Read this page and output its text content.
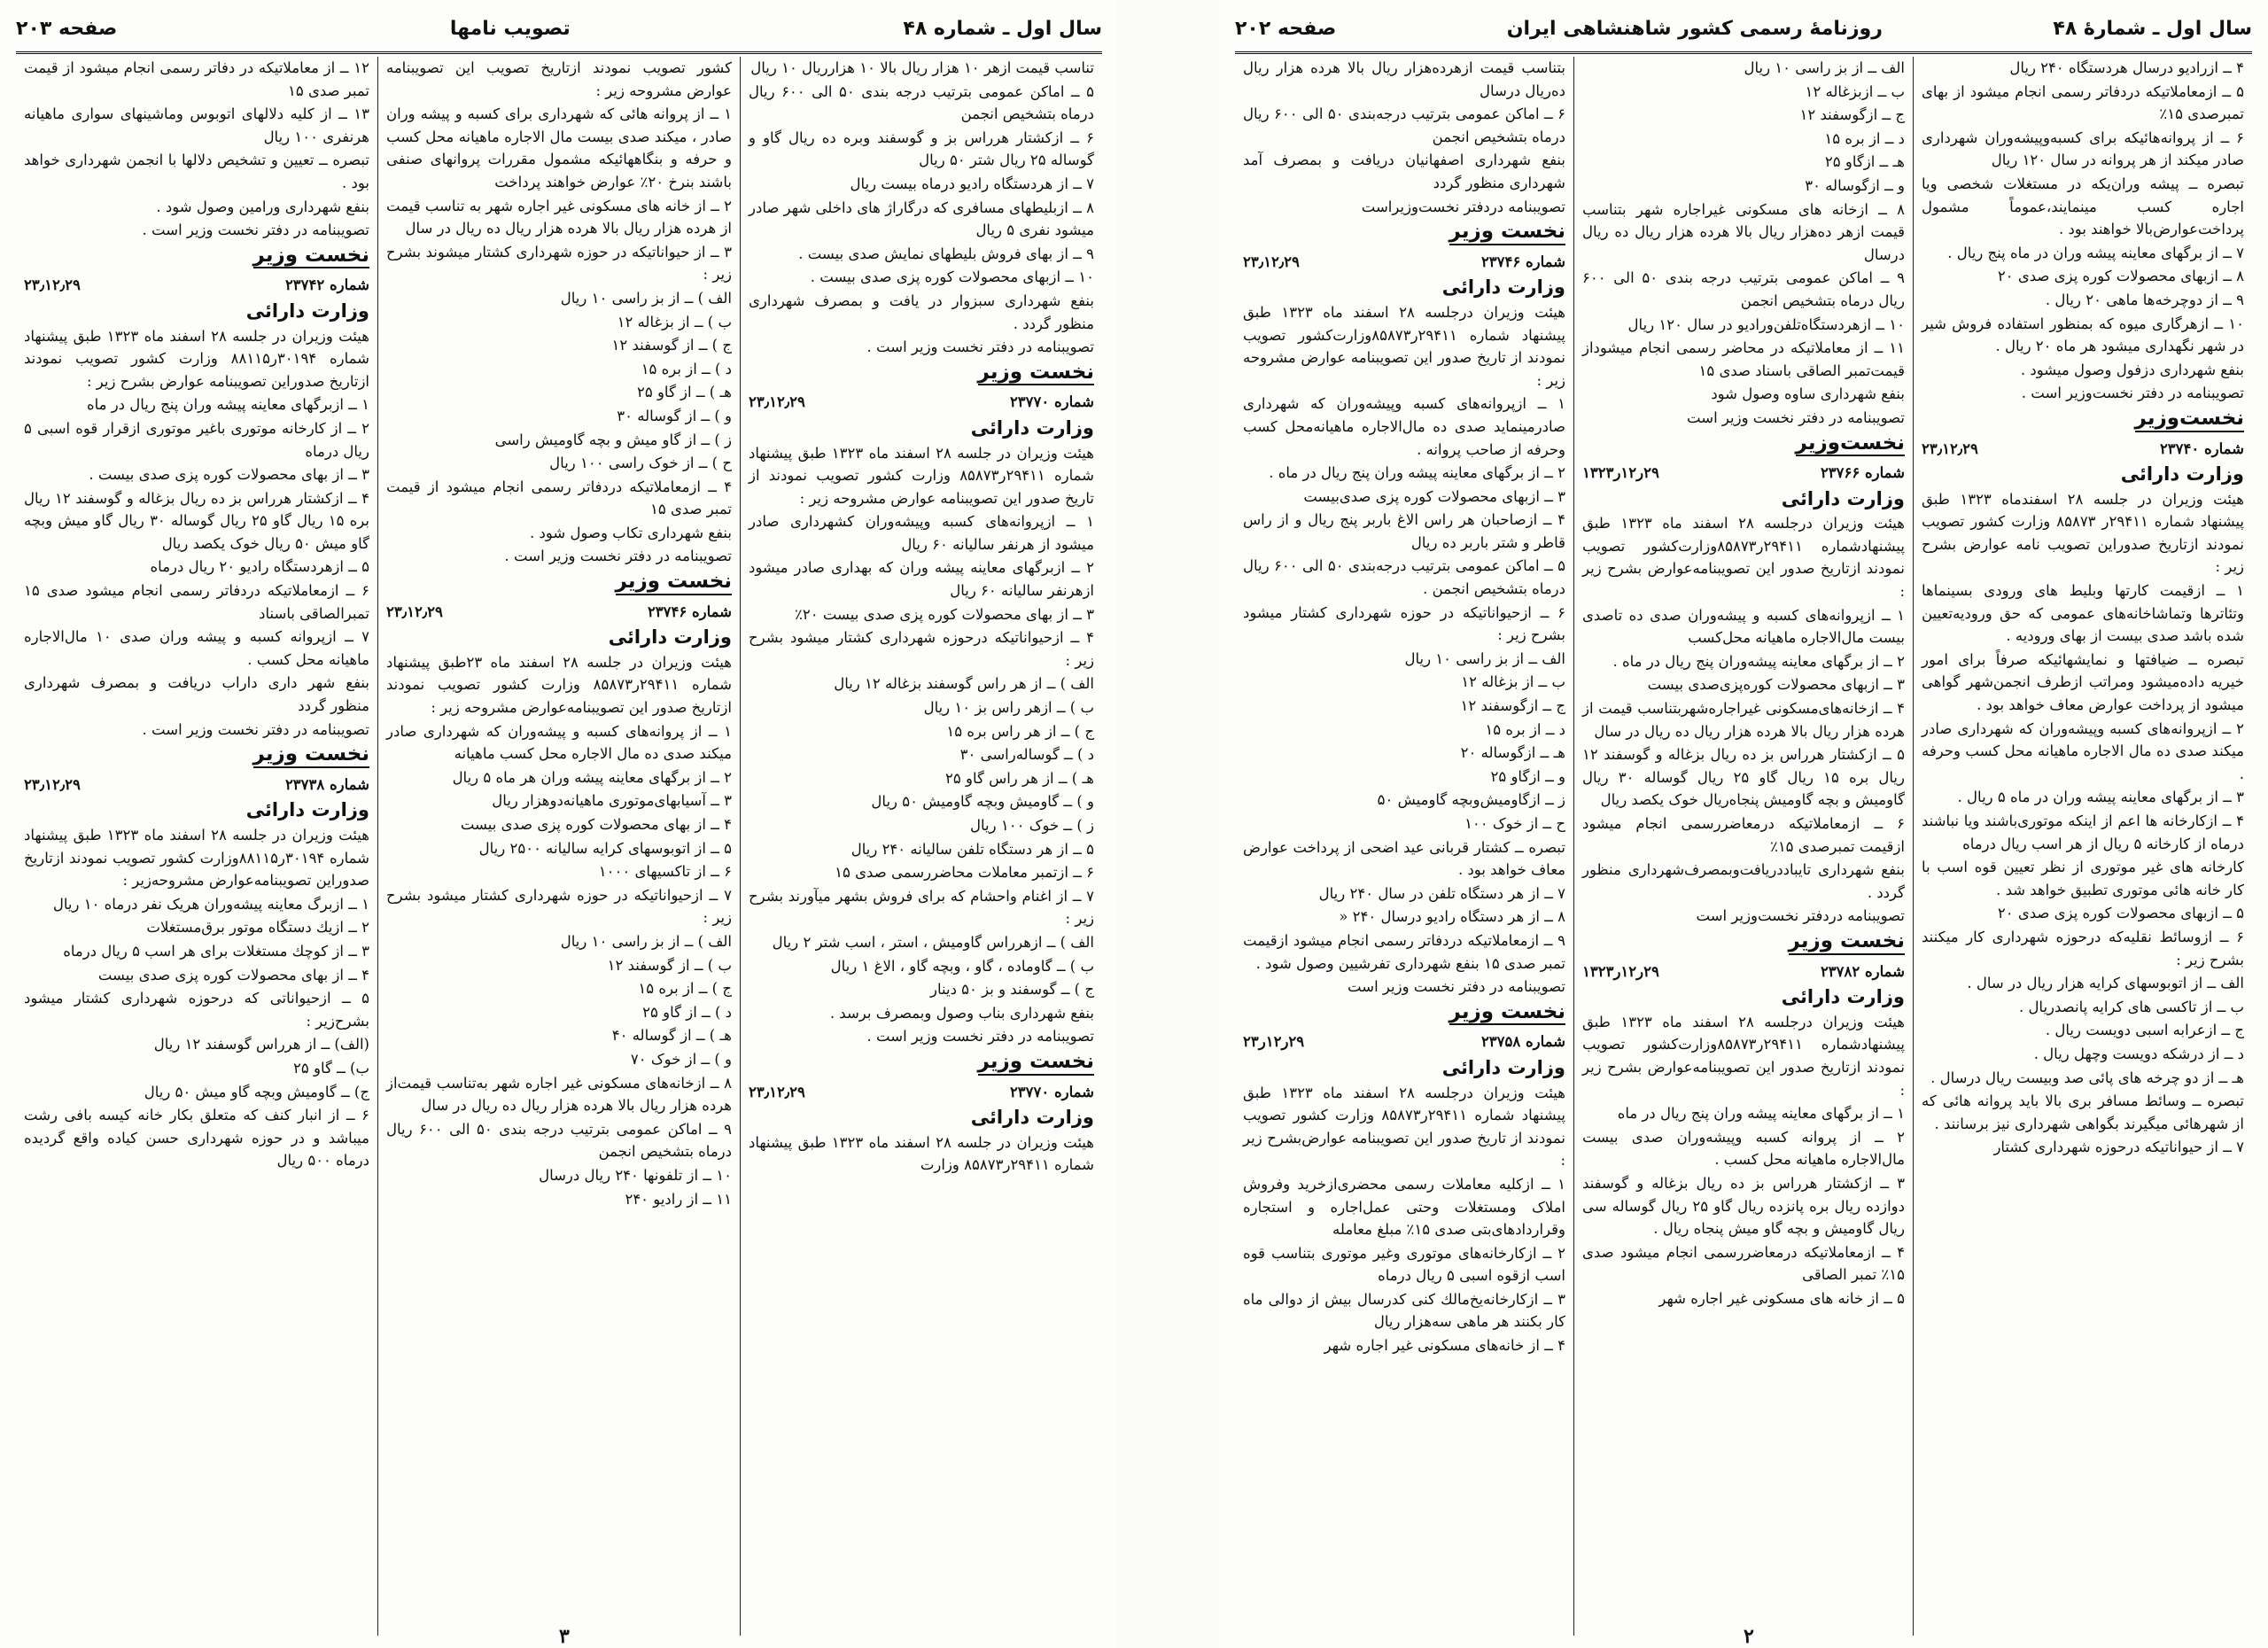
سال اول ـ شماره ۴۸
تصویب نامها
صفحه ۲۰۳

تناسب قیمت ازهر ۱۰ هزار ریال بالا ۱۰ هزارریال ۱۰ ریال

۵ ــ اماکن عمومی بترتیب درجه بندی ۵۰ الی ۶۰۰ ریال درماه بتشخیص انجمن

۶ ــ ازکشتار هرراس بز و گوسفند وبره ده ریال گاو و گوساله ۲۵ ریال شتر ۵۰ ریال

۷ ــ از هردستگاه رادیو درماه بیست ریال

۸ ــ ازبلیطهای مسافری که درگاراژ های داخلی شهر صادر میشود نفری ۵ ریال

۹ ــ از بهای فروش بلیطهای نمایش صدی بیست .

۱۰ ــ ازبهای محصولات کوره پزی صدی بیست .

بنفع شهرداری سبزوار در یافت و بمصرف شهرداری منظور گردد .

تصویبنامه در دفتر نخست وزیر است .

نخست وزیر
شماره ۲۳۷۷۰
۲۳٫۱۲٫۲۹
وزارت دارائی

هیئت وزیران در جلسه ۲۸ اسفند ماه ۱۳۲۳ طبق پیشنهاد شماره ۲۹۴۱۱ر۸۵۸۷۳ وزارت کشور تصویب نمودند از تاریخ صدور این تصویبنامه عوارض مشروحه زیر :

۱ ــ ازپروانه‌های کسبه وپیشه‌وران کشهرداری صادر میشود از هرنفر سالیانه ۶۰ ریال

۲ ــ ازبرگهای معاینه پیشه وران که بهداری صادر میشود ازهرنفر سالیانه ۶۰ ریال

۳ ــ از بهای محصولات کوره پزی صدی بیست ۲۰٪

۴ ــ ازحیواناتیکه درحوزه شهرداری کشتار میشود بشرح زیر :

الف ) ــ از هر راس گوسفند بزغاله ۱۲ ریال

ب ) ــ ازهر راس بز ۱۰ ریال

ج ) ــ از هر راس بره ۱۵

د ) ــ گوساله‌راسی ۳۰

هـ ) ــ از هر راس گاو ۲۵

و ) ــ گاومیش وبچه گاومیش ۵۰ ریال

ز ) ــ خوک ۱۰۰ ریال

۵ ــ از هر دستگاه تلفن سالیانه ۲۴۰ ریال

۶ ــ ازتمبر معاملات محاضررسمی صدی ۱۵

۷ ــ از اغنام واحشام که برای فروش بشهر میآورند بشرح زیر :

الف ) ــ ازهرراس گاومیش ، استر ، اسب شتر ۲ ریال

ب ) ــ گاوماده ، گاو ، وبچه گاو ، الاغ ۱ ریال

ج ) ــ گوسفند و بز ۵۰ دینار

بنفع شهرداری بناب وصول وبمصرف برسد .

تصویبنامه در دفتر نخست وزیر است .

نخست وزیر
شماره ۲۳۷۷۰
۲۳٫۱۲٫۲۹
وزارت دارائی

هیئت وزیران در جلسه ۲۸ اسفند ماه ۱۳۲۳ طبق پیشنهاد شماره ۲۹۴۱۱ر۸۵۸۷۳ وزارت

کشور تصویب نمودند ازتاریخ تصویب این تصویبنامه عوارض مشروحه زیر :

۱ ــ از پروانه هائی که شهرداری برای کسبه و پیشه وران صادر ، میکند صدی بیست مال الاجاره ماهیانه محل کسب و حرفه و بنگاههائیکه مشمول مقررات پروانهای صنفی باشند بنرخ ۲۰٪ عوارض خواهند پرداخت

۲ ــ از خانه های مسکونی غیر اجاره شهر به تناسب قیمت از هرده هزار ریال بالا هرده هزار ریال ده ریال در سال

۳ ــ از حیواناتیکه در حوزه شهرداری کشتار میشوند بشرح زیر :

الف ) ــ از بز راسی ۱۰ ریال

ب ) ــ از بزغاله ۱۲

ج ) ــ از گوسفند ۱۲

د ) ــ از بره ۱۵

هـ ) ــ از گاو ۲۵

و ) ــ از گوساله ۳۰

ز ) ــ از گاو میش و بچه گاومیش راسی

ح ) ــ از خوک راسی ۱۰۰ ریال

۴ ــ ازمعاملاتیکه دردفاتر رسمی انجام میشود از قیمت تمبر صدی ۱۵

بنفع شهرداری تکاب وصول شود .

تصویبنامه در دفتر نخست وزیر است .

نخست وزیر
شماره ۲۳۷۴۶
۲۳٫۱۲٫۲۹
وزارت دارائی

هیئت وزیران در جلسه ۲۸ اسفند ماه ۲۳طبق پیشنهاد شماره ۲۹۴۱۱ر۸۵۸۷۳ وزارت کشور تصویب نمودند ازتاریخ صدور این تصویبنامه‌عوارض مشروحه زیر :

۱ ــ از پروانه‌های کسبه و پیشه‌وران که شهرداری صادر میکند صدی ده مال الاجاره محل کسب ماهیانه

۲ ــ از برگهای معاینه پیشه وران هر ماه ۵ ریال

۳ ــ آسیابهای‌موتوری ماهیانه‌دوهزار ریال

۴ ــ از بهای محصولات کوره پزی صدی بیست

۵ ــ از اتوبوسهای کرایه سالیانه ۲۵۰۰ ریال

۶ ــ از تاکسیهای ۱۰۰۰

۷ ــ ازحیواناتیکه در حوزه شهرداری کشتار میشود بشرح زیر :

الف ) ــ از بز راسی ۱۰ ریال

ب ) ــ از گوسفند ۱۲

ج ) ــ از بره ۱۵

د ) ــ از گاو ۲۵

هـ ) ــ از گوساله ۴۰

و ) ــ از خوک ۷۰

۸ ــ ازخانه‌های مسکونی غیر اجاره شهر به‌تناسب قیمت‌از هرده هزار ریال بالا هرده هزار ریال ده ریال در سال

۹ ــ اماکن عمومی بترتیب درجه بندی ۵۰ الی ۶۰۰ ریال درماه بتشخیص انجمن

۱۰ ــ از تلفونها ۲۴۰ ریال درسال

۱۱ ــ از رادیو ۲۴۰

۱۲ ــ از معاملاتیکه در دفاتر رسمی انجام میشود از قیمت تمبر صدی ۱۵

۱۳ ــ از کلیه دلالهای اتوبوس وماشینهای سواری ماهیانه هرنفری ۱۰۰ ریال

تبصره ــ تعیین و تشخیص دلالها با انجمن شهرداری خواهد بود .

بنفع شهرداری ورامین وصول شود .

تصویبنامه در دفتر نخست وزیر است .

نخست وزیر
شماره ۲۳۷۴۲
۲۳٫۱۲٫۲۹
وزارت دارائی

هیئت وزیران در جلسه ۲۸ اسفند ماه ۱۳۲۳ طبق پیشنهاد شماره ۳۰۱۹۴ر۸۸۱۱۵ وزارت کشور تصویب نمودند ازتاریخ صدوراین تصویبنامه عوارض بشرح زیر :

۱ ــ ازبرگهای معاینه پیشه وران پنج ریال در ماه

۲ ــ از کارخانه موتوری باغیر موتوری ازقرار قوه اسبی ۵ ریال درماه

۳ ــ از بهای محصولات کوره پزی صدی بیست .

۴ ــ ازکشتار هرراس بز ده ریال بزغاله و گوسفند ۱۲ ریال بره ۱۵ ریال گاو ۲۵ ریال گوساله ۳۰ ریال گاو میش وبچه گاو میش ۵۰ ریال خوک یکصد ریال

۵ ــ ازهردستگاه رادیو ۲۰ ریال درماه

۶ ــ ازمعاملاتیکه دردفاتر رسمی انجام میشود صدی ۱۵ تمبرالصاقی باسناد

۷ ــ ازپروانه کسبه و پیشه وران صدی ۱۰ مال‌الاجاره ماهیانه محل کسب .

بنفع شهر داری داراب دریافت و بمصرف شهرداری منظور گردد

تصویبنامه در دفتر نخست وزیر است .

نخست وزیر
شماره ۲۳۷۳۸
۲۳٫۱۲٫۲۹
وزارت دارائی

هیئت وزیران در جلسه ۲۸ اسفند ماه ۱۳۲۳ طبق پیشنهاد شماره ۳۰۱۹۴ر۸۸۱۱۵وزارت کشور تصویب نمودند ازتاریخ صدوراین تصویبنامه‌عوارض مشروحه‌زیر :

۱ ــ ازبرگ معاینه پیشه‌وران هریک نفر درماه ۱۰ ریال

۲ ــ ازیك دستگاه موتور برق‌مستغلات

۳ ــ از کوچك مستغلات برای هر اسب ۵ ریال درماه

۴ ــ از بهای محصولات کوره پزی صدی بیست

۵ ــ ازحیواناتی که درحوزه شهرداری کشتار میشود بشرح‌زیر :

(الف) ــ از هرراس گوسفند ۱۲ ریال

ب) ــ گاو ۲۵

ج) ــ گاومیش وبچه گاو میش ۵۰ ریال

۶ ــ از انبار کنف که متعلق بکار خانه کیسه بافی رشت میباشد و در حوزه شهرداری حسن کیاده واقع گردیده درماه ۵۰۰ ریال

۳
سال اول ـ شمارهٔ ۴۸
روزنامهٔ رسمی کشور شاهنشاهی ایران
صفحه ۲۰۲

۴ ــ ازرادیو درسال هردستگاه ۲۴۰ ریال

۵ ــ ازمعاملاتیکه دردفاتر رسمی انجام میشود از بهای تمبرصدی ۱۵٪

۶ ــ از پروانه‌هائیکه برای کسبه‌وپیشه‌وران شهرداری صادر میکند از هر پروانه در سال ۱۲۰ ریال

تبصره ــ پیشه وران‌یکه در مستغلات شخصی ویا اجاره کسب مینمایند،عموماً مشمول پرداخت‌عوارض‌بالا خواهند بود .

۷ ــ از برگهای معاینه پیشه وران در ماه پنج ریال .

۸ ــ ازبهای محصولات کوره پزی صدی ۲۰

۹ ــ از دوچرخه‌ها ماهی ۲۰ ریال .

۱۰ ــ ازهرگاری میوه که بمنظور استفاده فروش شیر در شهر نگهداری میشود هر ماه ۲۰ ریال .

بنفع شهرداری دزفول وصول میشود .

تصویبنامه در دفتر نخست‌وزیر است .

نخست‌وزیر
شماره ۲۳۷۴۰
۲۳٫۱۲٫۲۹
وزارت دارائی

هیئت وزیران در جلسه ۲۸ اسفندماه ۱۳۲۳ طبق پیشنهاد شماره ۲۹۴۱۱ر ۸۵۸۷۳ وزارت کشور تصویب نمودند ازتاریخ صدوراین تصویب نامه عوارض بشرح زیر :

۱ ــ ازقیمت کارتها وبلیط های ورودی بسینماها وتئاترها وتماشاخانه‌های عمومی که حق ورودیه‌تعیین شده باشد صدی بیست از بهای ورودیه .

تبصره ــ ضیافتها و نمایشهائیکه صرفاً برای امور خیریه داده‌میشود ومراتب ازطرف انجمن‌شهر گواهی میشود از پرداخت عوارض معاف خواهد بود .

۲ ــ ازپروانه‌های کسبه وپیشه‌وران که شهرداری صادر میکند صدی ده مال الاجاره ماهیانه محل کسب وحرفه .

۳ ــ از برگهای معاینه پیشه وران در ماه ۵ ریال .

۴ ــ ازکارخانه ها اعم از اینکه موتوری‌باشند ویا نباشند درماه از کارخانه ۵ ریال از هر اسب ریال درماه

کارخانه های غیر موتوری از نظر تعیین قوه اسب با کار خانه هائی موتوری تطبیق خواهد شد .

۵ ــ ازبهای محصولات کوره پزی صدی ۲۰

۶ ــ ازوسائط نقلیه‌که درحوزه شهرداری کار میکنند بشرح زیر :

الف ــ از اتوبوسهای کرایه هزار ریال در سال .

ب ــ از تاکسی های کرایه پانصدریال .

ج ــ ازعرابه اسبی دویست ریال .

د ــ از درشکه دویست وچهل ریال .

هـ ــ از دو چرخه های پائی صد وبیست ریال درسال .

تبصره ــ وسائط مسافر بری بالا باید پروانه هائی که از شهرهائی میگیرند بگواهی شهرداری نیز برسانند .

۷ ــ از حیواناتیکه درحوزه شهرداری کشتار

الف ــ از بز راسی ۱۰ ریال

ب ــ ازبزغاله ۱۲

ج ــ ازگوسفند ۱۲

د ــ از بره ۱۵

هـ ــ ازگاو ۲۵

و ــ ازگوساله ۳۰

۸ ــ ازخانه های مسکونی غیراجاره شهر بتناسب قیمت ازهر ده‌هزار ریال بالا هرده هزار ریال ده ریال درسال

۹ ــ اماکن عمومی بترتیب درجه بندی ۵۰ الی ۶۰۰ ریال درماه بتشخیص انجمن

۱۰ ــ ازهردستگاه‌تلفن‌ورادیو در سال ۱۲۰ ریال

۱۱ ــ از معاملاتیکه در محاضر رسمی انجام میشوداز قیمت‌تمبر الصاقی باسناد صدی ۱۵

بنفع شهرداری ساوه وصول شود

تصویبنامه در دفتر نخست وزیر است

نخست‌وزیر
شماره ۲۳۷۶۶
۲۹ر۱۲ر۱۳۲۳
وزارت دارائی

هیئت وزیران درجلسه ۲۸ اسفند ماه ۱۳۲۳ طبق پیشنهادشماره ۲۹۴۱۱ر۸۵۸۷۳وزارت‌کشور تصویب نمودند ازتاریخ صدور این تصویبنامه‌عوارض بشرح زیر :

۱ ــ ازپروانه‌های کسبه و پیشه‌وران صدی ده تاصدی بیست مال‌الاجاره ماهیانه محل‌کسب

۲ ــ از برگهای معاینه پیشه‌وران پنج ریال در ماه .

۳ ــ ازبهای محصولات کوره‌پزی‌صدی بیست

۴ ــ ازخانه‌های‌مسکونی غیراجاره‌شهر‌بتناسب قیمت از هرده هزار ریال بالا هرده هزار ریال ده ریال در سال

۵ ــ ازکشتار هرراس بز ده ریال بزغاله و گوسفند ۱۲ ریال بره ۱۵ ریال گاو ۲۵ ریال گوساله ۳۰ ریال گاومیش و بچه گاومیش پنجاه‌ریال خوک یکصد ریال

۶ ــ ازمعاملاتیکه درمعاضررسمی انجام میشود ازقیمت تمبرصدی ۱۵٪

بنفع شهرداری تایباددریافت‌وبمصرف‌شهرداری منظور گردد .

تصویبنامه دردفتر نخست‌وزیر است

نخست وزیر
شماره ۲۳۷۸۲
۲۹ر۱۲ر۱۳۲۳
وزارت دارائی

هیئت وزیران درجلسه ۲۸ اسفند ماه ۱۳۲۳ طبق پیشنهادشماره ۲۹۴۱۱ر۸۵۸۷۳وزارت‌کشور تصویب نمودند ازتاریخ صدور این تصویبنامه‌عوارض بشرح زیر :

۱ ــ از برگهای معاینه پیشه وران پنج ریال در ماه

۲ ــ از پروانه کسبه وپیشه‌وران صدی بیست مال‌الاجاره ماهیانه محل کسب .

۳ ــ ازکشتار هرراس بز ده ریال بزغاله و گوسفند دوازده ریال بره پانزده ریال گاو ۲۵ ریال گوساله سی ریال گاومیش و بچه گاو میش پنجاه ریال .

۴ ــ ازمعاملاتیکه درمعاضررسمی انجام میشود صدی ۱۵٪ تمبر الصاقی

۵ ــ از خانه های مسکونی غیر اجاره شهر

بتناسب قیمت ازهرده‌هزار ریال بالا هرده هزار ریال ده‌ریال درسال

۶ ــ اماکن عمومی بترتیب درجه‌بندی ۵۰ الی ۶۰۰ ریال درماه بتشخیص انجمن

بنفع شهرداری اصفهانیان دریافت و بمصرف آمد شهرداری منظور گردد

تصویبنامه دردفتر نخست‌وزیراست

نخست وزیر
شماره ۲۳۷۴۶
۲۳٫۱۲٫۲۹
وزارت دارائی

هیئت وزیران درجلسه ۲۸ اسفند ماه ۱۳۲۳ طبق پیشنهاد شماره ۲۹۴۱۱ر۸۵۸۷۳وزارت‌کشور تصویب نمودند از تاریخ صدور این تصویبنامه عوارض مشروحه زیر :

۱ ــ ازپروانه‌های کسبه وپیشه‌وران که شهرداری صادرمینماید صدی ده مال‌الاجاره ماهیانه‌محل کسب وحرفه از صاحب پروانه .

۲ ــ از برگهای معاینه پیشه وران پنج ریال در ماه .

۳ ــ ازبهای محصولات کوره پزی صدی‌بیست

۴ ــ ازصاحبان هر راس الاغ باربر پنج ریال و از راس قاطر و شتر باربر ده ریال

۵ ــ اماکن عمومی بترتیب درجه‌بندی ۵۰ الی ۶۰۰ ریال درماه بتشخیص انجمن .

۶ ــ ازحیواناتیکه در حوزه شهرداری کشتار میشود بشرح زیر :

الف ــ از بز راسی ۱۰ ریال

ب ــ از بزغاله ۱۲

ج ــ ازگوسفند ۱۲

د ــ از بره ۱۵

هـ ــ ازگوساله ۲۰

و ــ ازگاو ۲۵

ز ــ ازگاومیش‌وبچه گاومیش ۵۰

ح ــ از خوک ۱۰۰

تبصره ــ کشتار قربانی عید اضحی از پرداخت عوارض معاف خواهد بود .

۷ ــ از هر دستگاه تلفن در سال ۲۴۰ ریال

۸ ــ از هر دستگاه‌ رادیو درسال ۲۴۰ «

۹ ــ ازمعاملاتیکه دردفاتر رسمی انجام میشود ازقیمت تمبر صدی ۱۵ بنفع شهرداری تفرشیین وصول شود .

تصویبنامه در دفتر نخست وزیر است

نخست وزیر
شماره ۲۳۷۵۸
۲۹ر۱۲ر۲۳
وزارت دارائی

هیئت وزیران درجلسه ۲۸ اسفند ماه ۱۳۲۳ طبق پیشنهاد شماره ۲۹۴۱۱ر۸۵۸۷۳ وزارت کشور تصویب نمودند از تاریخ صدور این تصویبنامه عوارض‌بشرح زیر :

۱ ــ ازکلیه معاملات رسمی محضری‌ازخرید وفروش املاک ومستغلات وحتی عمل‌اجاره و استجاره وقراردادهای‌بتی صدی ۱۵٪ مبلغ معامله

۲ ــ ازکارخانه‌های موتوری وغیر موتوری بتناسب قوه اسب ازقوه اسبی ۵ ریال درماه

۳ ــ ازکارخانه‌یخ‌مالك کنی کدرسال بیش از دوالی ماه کار بکنند هر ماهی سه‌هزار ریال

۴ ــ از خانه‌های مسکونی غیر اجاره شهر

۲
